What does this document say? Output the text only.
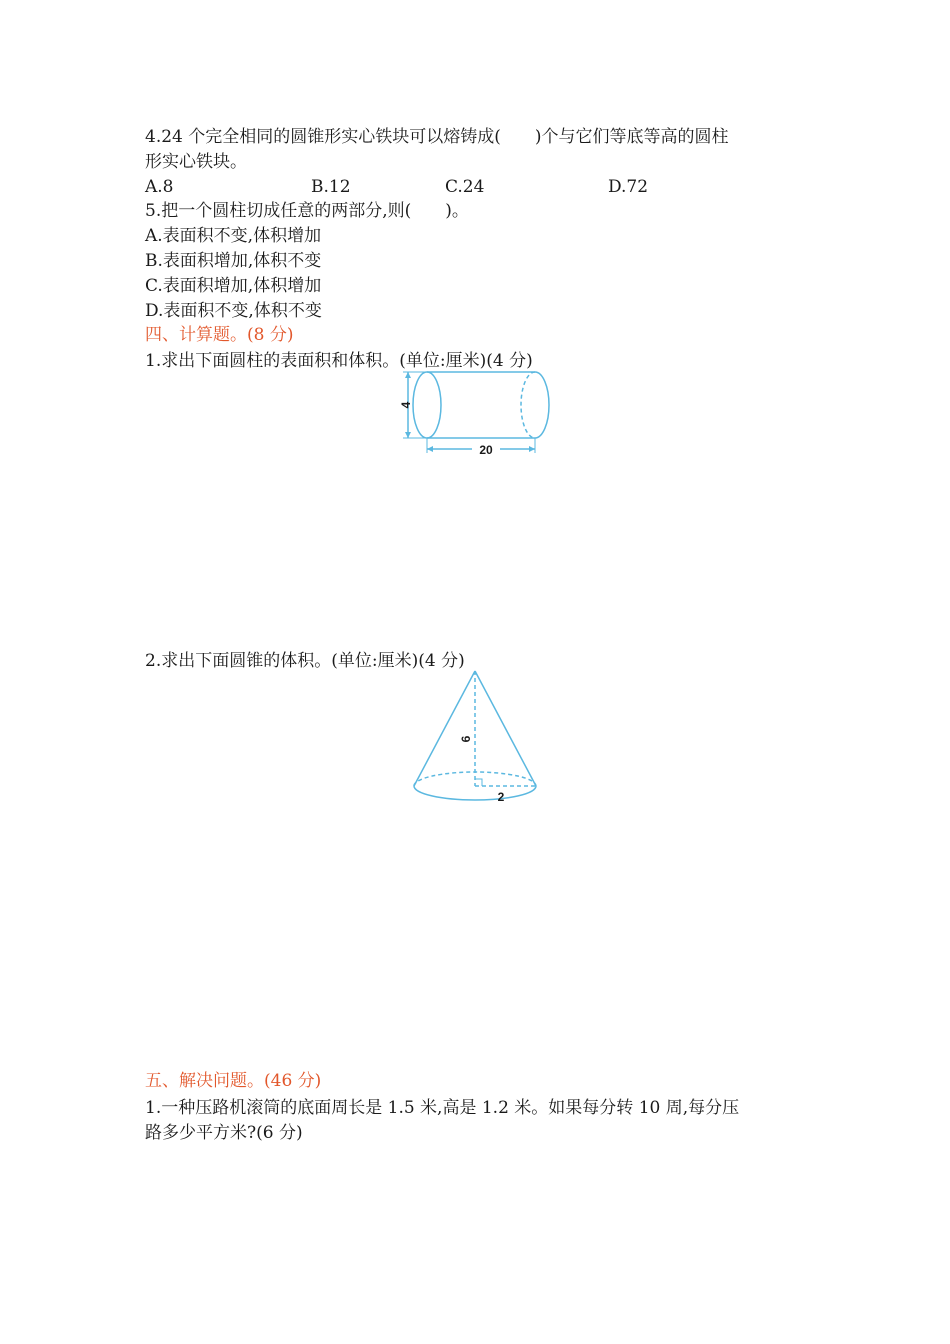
4.24 个完全相同的圆锥形实心铁块可以熔铸成(　　)个与它们等底等高的圆柱
形实心铁块。
A.8	B.12	C.24	D.72
5.把一个圆柱切成任意的两部分,则(　　)。
A.表面积不变,体积增加
B.表面积增加,体积不变
C.表面积增加,体积增加
D.表面积不变,体积不变
四、计算题。(8 分)
1.求出下面圆柱的表面积和体积。(单位:厘米)(4 分)
4
20
2.求出下面圆锥的体积。(单位:厘米)(4 分)
6
2
五、解决问题。(46 分)
1.一种压路机滚筒的底面周长是 1.5 米,高是 1.2 米。如果每分转 10 周,每分压
路多少平方米?(6 分)
